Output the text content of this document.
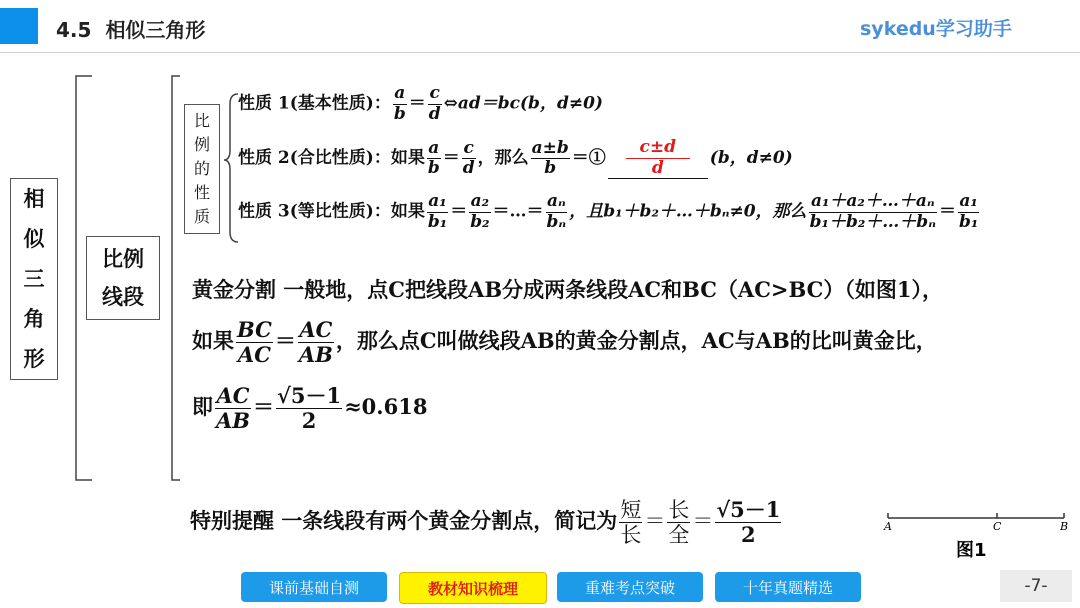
4.5 相似三角形	sykedu学习助手
相
似
三
角
形
比例
线段
比
例
的
性
质
性质 1(基本性质)： $\frac{a}{b} = \frac{c}{d}$ ⇔ad＝bc(b，d≠0)
性质 2(合比性质)：如果 $\frac{a}{b} = \frac{c}{d}$ ，那么 $\frac{a\pm b}{b}$ ＝① $\frac{c\pm d}{d} (b$，d≠0)
性质 3(等比性质)：如果 $\frac{\text{a₁}}{\text{b₁}} = \frac{\text{a₂}}{\text{b₂}}$ ＝…＝ $\frac{\text{aₙ}}{\text{bₙ}}$ ，且b₁＋b₂＋…＋bₙ≠0，那么 $\frac{\text{a₁＋a₂＋…＋aₙ}}{\text{b₁＋b₂＋…＋bₙ}} = \frac{\text{a₁}}{\text{b₁}}$
黄金分割 一般地，点C把线段AB分成两条线段AC和BC（AC>BC）（如图1），
如果 $\frac{BC}{AC} = \frac{AC}{AB}$ ，那么点C叫做线段AB的黄金分割点，AC与AB的比叫黄金比，
即 $\frac{AC}{AB} = \frac{√5-1}{2} \approx 0.618$
特别提醒 一条线段有两个黄金分割点，简记为 $\frac{\text{短}}{\text{长}} = \frac{\text{长}}{\text{全}} = \frac{√5-1}{2}$	A	C	B
图1
课前基础自测	教材知识梳理	重难考点突破	十年真题精选	-7-
